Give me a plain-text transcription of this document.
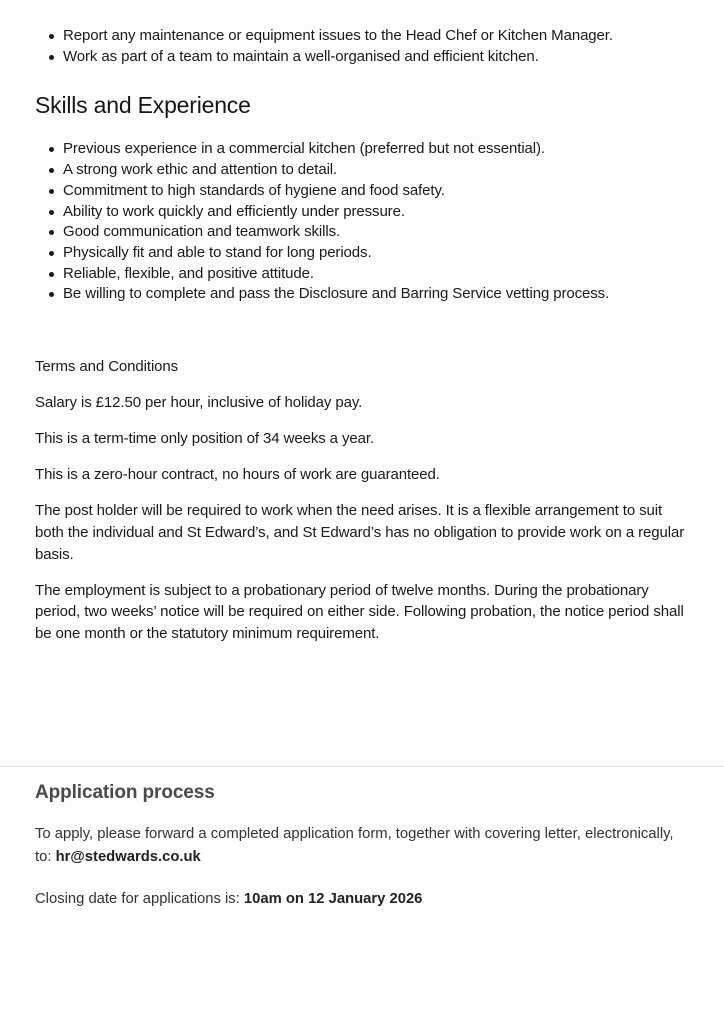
Report any maintenance or equipment issues to the Head Chef or Kitchen Manager.
Work as part of a team to maintain a well-organised and efficient kitchen.
Skills and Experience
Previous experience in a commercial kitchen (preferred but not essential).
A strong work ethic and attention to detail.
Commitment to high standards of hygiene and food safety.
Ability to work quickly and efficiently under pressure.
Good communication and teamwork skills.
Physically fit and able to stand for long periods.
Reliable, flexible, and positive attitude.
Be willing to complete and pass the Disclosure and Barring Service vetting process.

Terms and Conditions

Salary is £12.50 per hour, inclusive of holiday pay.

This is a term-time only position of 34 weeks a year.

This is a zero-hour contract, no hours of work are guaranteed.

The post holder will be required to work when the need arises. It is a flexible arrangement to suit both the individual and St Edward’s, and St Edward’s has no obligation to provide work on a regular basis.

The employment is subject to a probationary period of twelve months. During the probationary period, two weeks’ notice will be required on either side. Following probation, the notice period shall be one month or the statutory minimum requirement.

Application process

To apply, please forward a completed application form, together with covering letter, electronically, to: hr@stedwards.co.uk

Closing date for applications is: 10am on 12 January 2026
